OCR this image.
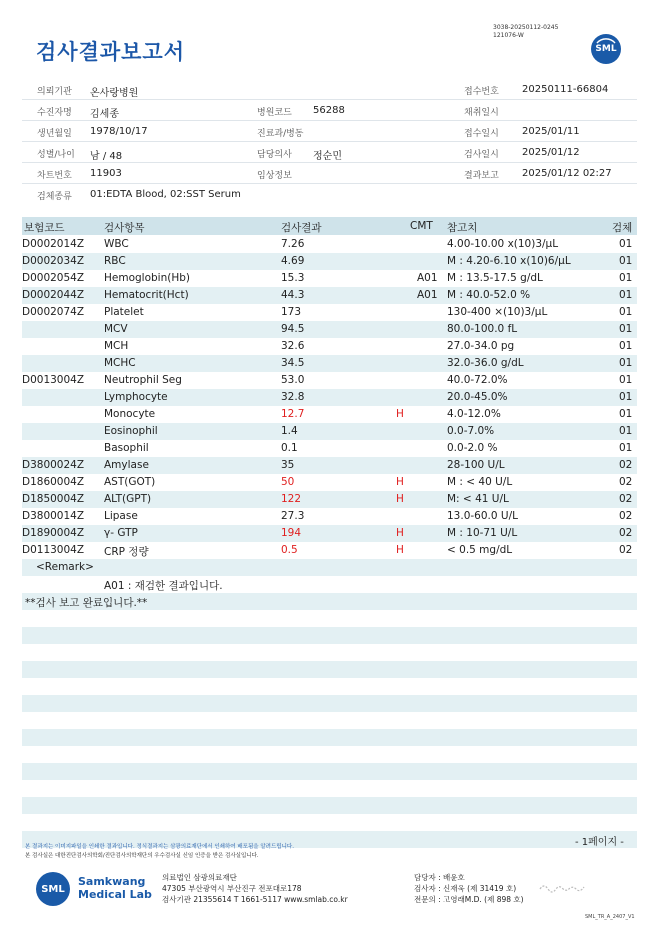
검사결과보고서
3038-20250112-0245
121076-W
SML
의뢰기관 온사랑병원	접수번호 20250111-66804
수진자명 김세종	병원코드 56288	채취일시
생년월일 1978/10/17	진료과/병동	접수일시 2025/01/11
성별/나이 남 / 48	담당의사 정순민	검사일시 2025/01/12
차트번호 11903	임상정보	결과보고 2025/01/12 02:27
검체종류 01:EDTA Blood, 02:SST Serum
보험코드	검사항목	검사결과	CMT 참고치	검체
D0002014Z WBC	7.26	4.00-10.00 x(10)3/μL	01
D0002034Z RBC	4.69	M : 4.20-6.10 x(10)6/μL	01
D0002054Z Hemoglobin(Hb)	15.3	A01 M : 13.5-17.5 g/dL	01
D0002044Z Hematocrit(Hct)	44.3	A01 M : 40.0-52.0 %	01
D0002074Z Platelet	173	130-400 ×(10)3/μL	01
MCV	94.5	80.0-100.0 fL	01
MCH	32.6	27.0-34.0 pg	01
MCHC	34.5	32.0-36.0 g/dL	01
D0013004Z Neutrophil Seg	53.0	40.0-72.0%	01
Lymphocyte	32.8	20.0-45.0%	01
Monocyte	12.7	H	4.0-12.0%	01
Eosinophil	1.4	0.0-7.0%	01
Basophil	0.1	0.0-2.0 %	01
D3800024Z Amylase	35	28-100 U/L	02
D1860004Z AST(GOT)	50	H	M : < 40 U/L	02
D1850004Z ALT(GPT)	122	H	M: < 41 U/L	02
D3800014Z Lipase	27.3	13.0-60.0 U/L	02
D1890004Z γ- GTP	194	H	M : 10-71 U/L	02
D0113004Z CRP 정량	0.5	H	< 0.5 mg/dL	02
<Remark>
A01 : 재검한 결과입니다.
**검사 보고 완료입니다.**
본 결과지는 이미지파일을 인쇄한 결과입니다. 정식결과지는 삼광의료재단에서 인쇄하여 배포됨을 알려드립니다.
본 검사실은 대한진단검사의학회/진단검사의학재단의 우수검사실 신임 인증을 받은 검사실입니다.
- 1페이지 -
SML
Samkwang
Medical Lab
의료법인 삼광의료재단
47305 부산광역시 부산진구 전포대로178
검사기관 21355614 T 1661-5117 www.smlab.co.kr
담당자 : 배윤호
검사자 : 신재욱 (제 31419 호)
전문의 : 고영래M.D. (제 898 호)
SML_TR_A_2407_V1
